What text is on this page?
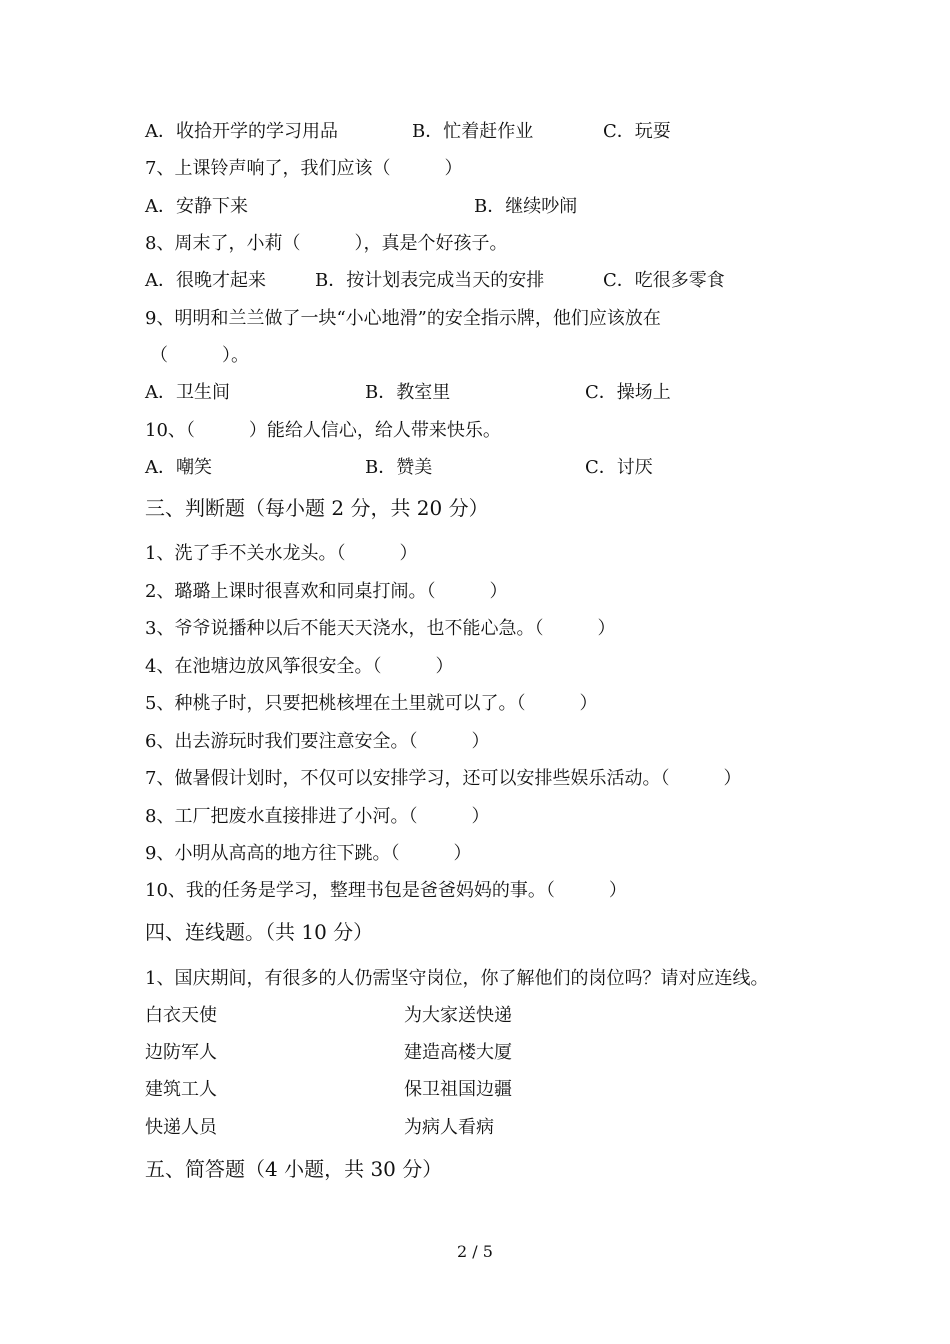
A．收拾开学的学习用品	B．忙着赶作业	C．玩耍
7、上课铃声响了，我们应该（　　　）
A．安静下来	B．继续吵闹
8、周末了，小莉（　　　），真是个好孩子。
A．很晚才起来	B．按计划表完成当天的安排	C．吃很多零食
9、明明和兰兰做了一块“小心地滑”的安全指示牌，他们应该放在
（　　　）。
A．卫生间	B．教室里	C．操场上
10、（　　　）能给人信心，给人带来快乐。
A．嘲笑	B．赞美	C．讨厌
三、判断题（每小题 2 分，共 20 分）
1、洗了手不关水龙头。（　　　）
2、璐璐上课时很喜欢和同桌打闹。（　　　）
3、爷爷说播种以后不能天天浇水，也不能心急。（　　　）
4、在池塘边放风筝很安全。（　　　）
5、种桃子时，只要把桃核埋在土里就可以了。（　　　）
6、出去游玩时我们要注意安全。（　　　）
7、做暑假计划时，不仅可以安排学习，还可以安排些娱乐活动。（　　　）
8、工厂把废水直接排进了小河。（　　　）
9、小明从高高的地方往下跳。（　　　）
10、我的任务是学习，整理书包是爸爸妈妈的事。（　　　）
四、连线题。（共 10 分）
1、国庆期间，有很多的人仍需坚守岗位，你了解他们的岗位吗？请对应连线。
白衣天使	为大家送快递
边防军人	建造高楼大厦
建筑工人	保卫祖国边疆
快递人员	为病人看病
五、简答题（4 小题，共 30 分）
2 / 5
